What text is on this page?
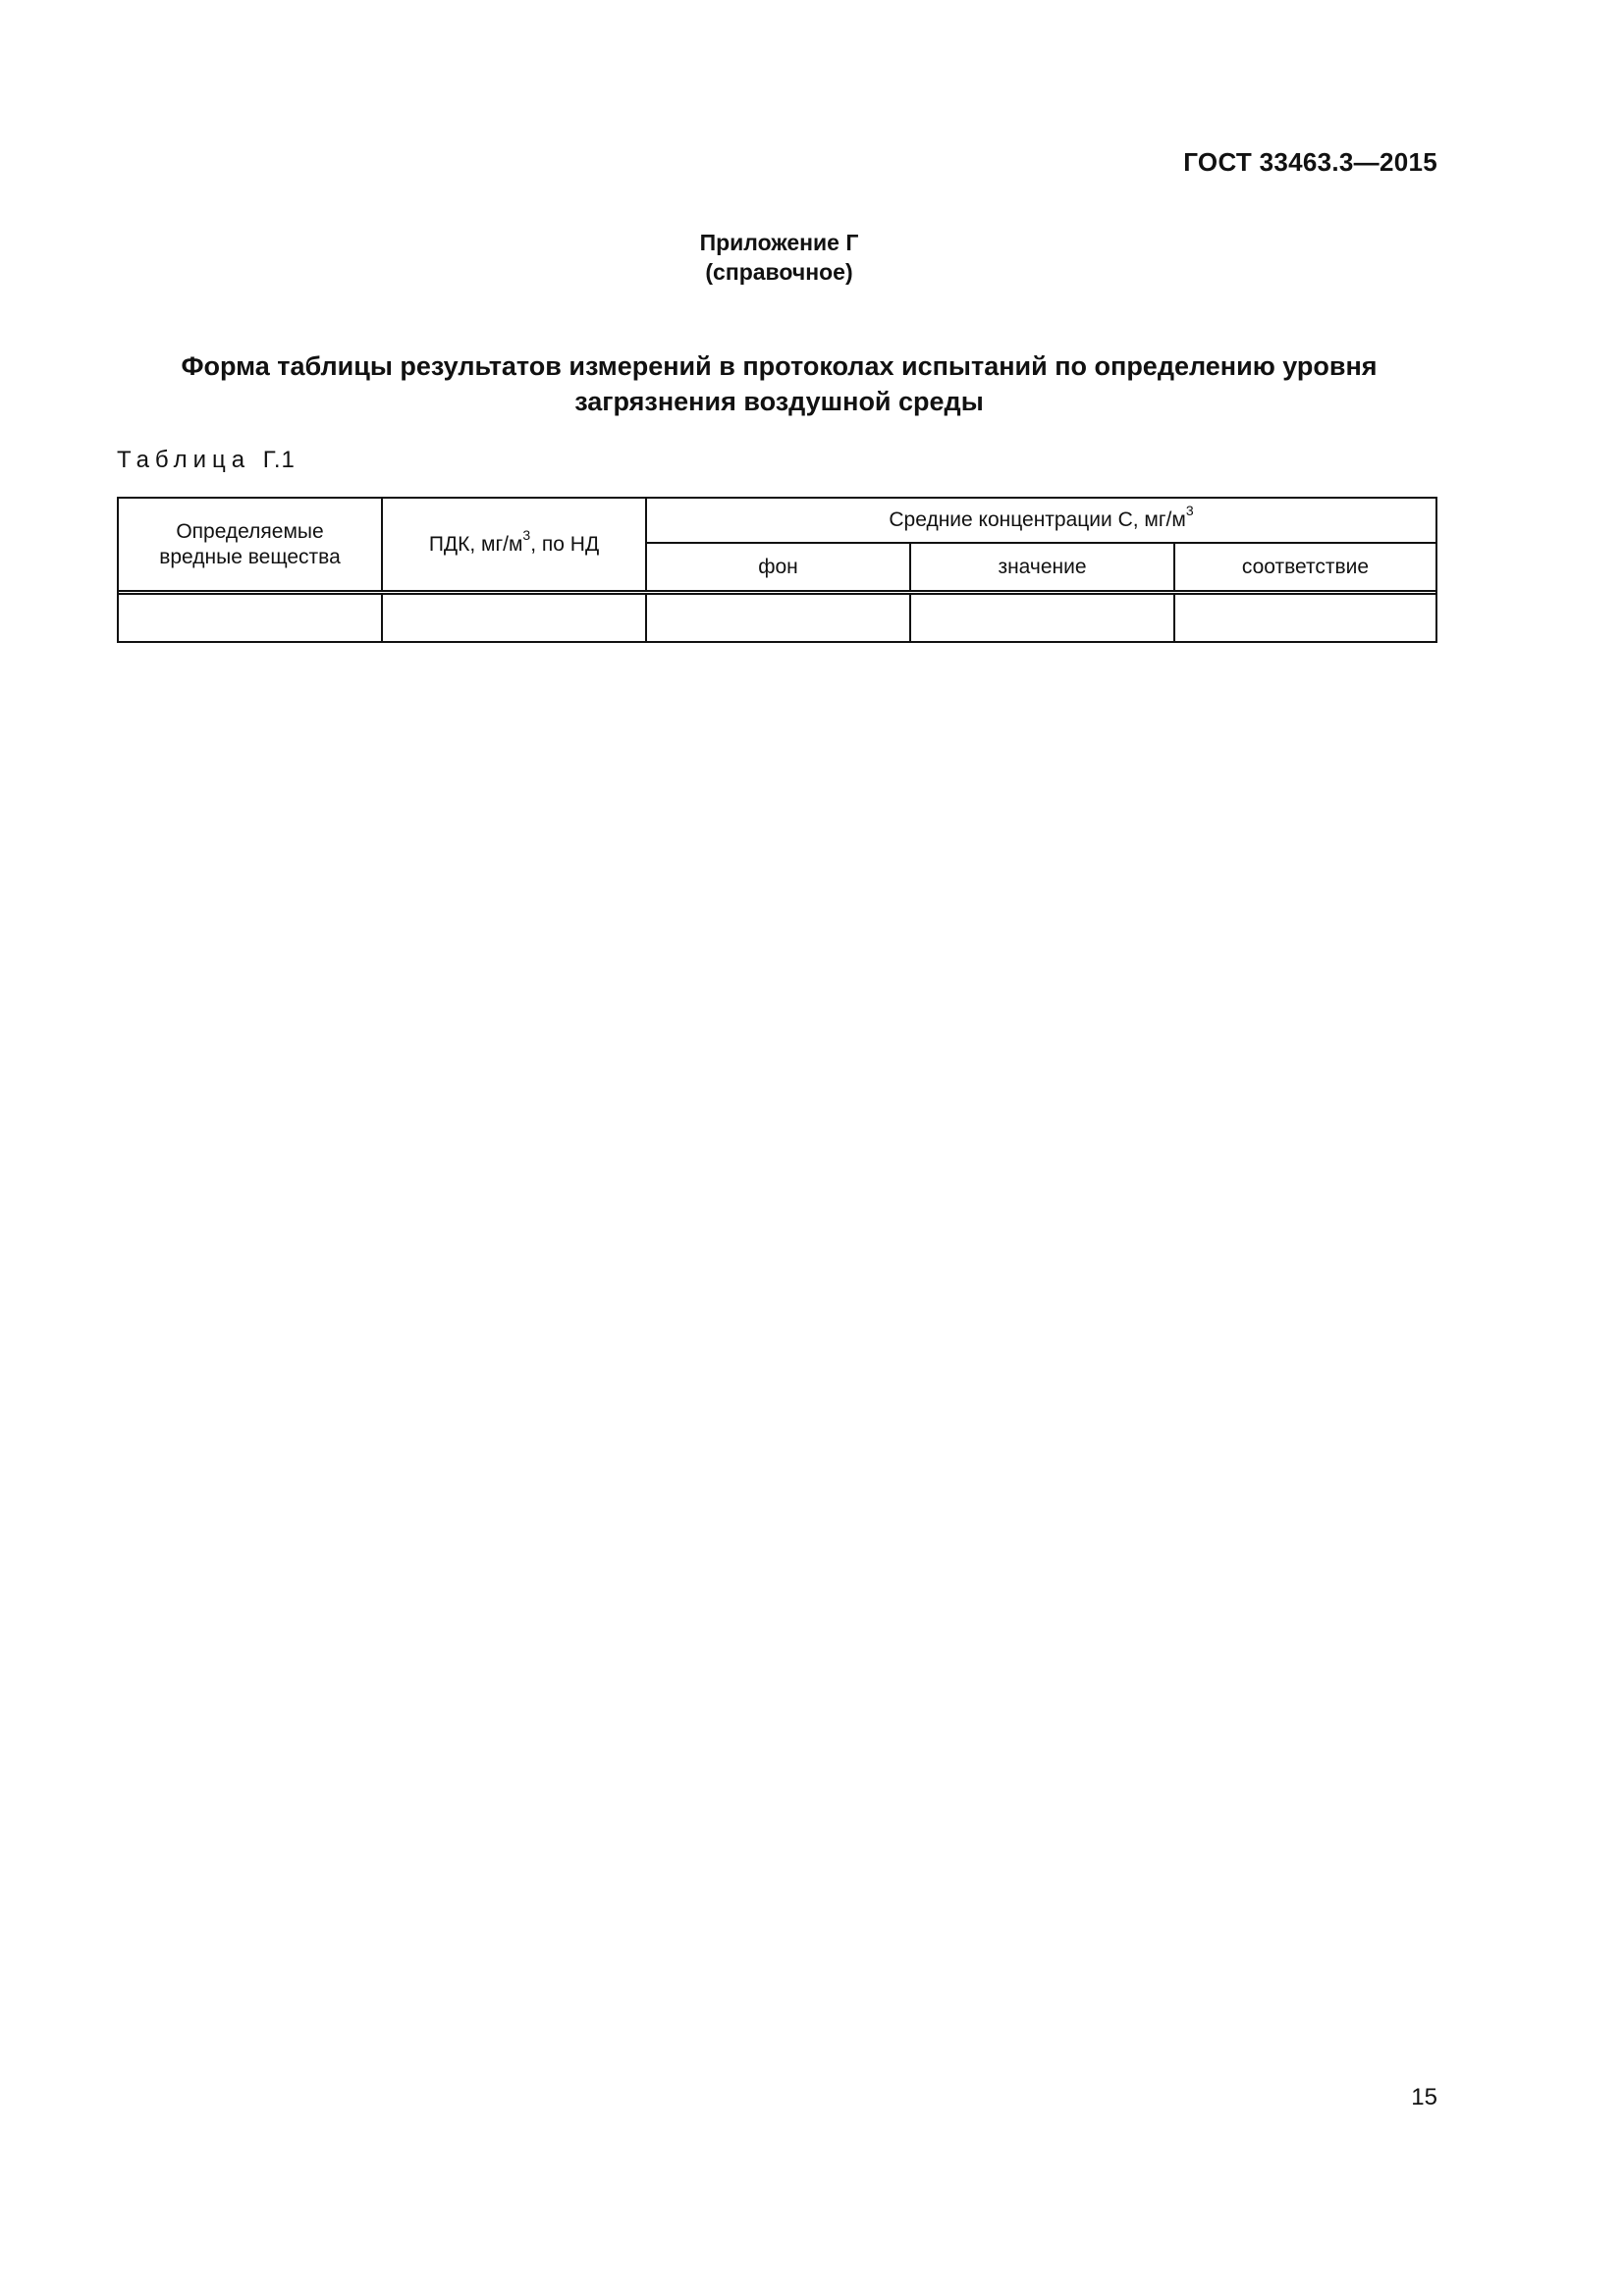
ГОСТ 33463.3—2015
Приложение Г
(справочное)
Форма таблицы результатов измерений в протоколах испытаний по определению уровня
загрязнения воздушной среды
Таблица Г.1
Определяемые
вредные вещества
ПДК, $мг/м^3$, по НД
Средние концентрации С, $мг/м^3$
фон	значение	соответствие
15
